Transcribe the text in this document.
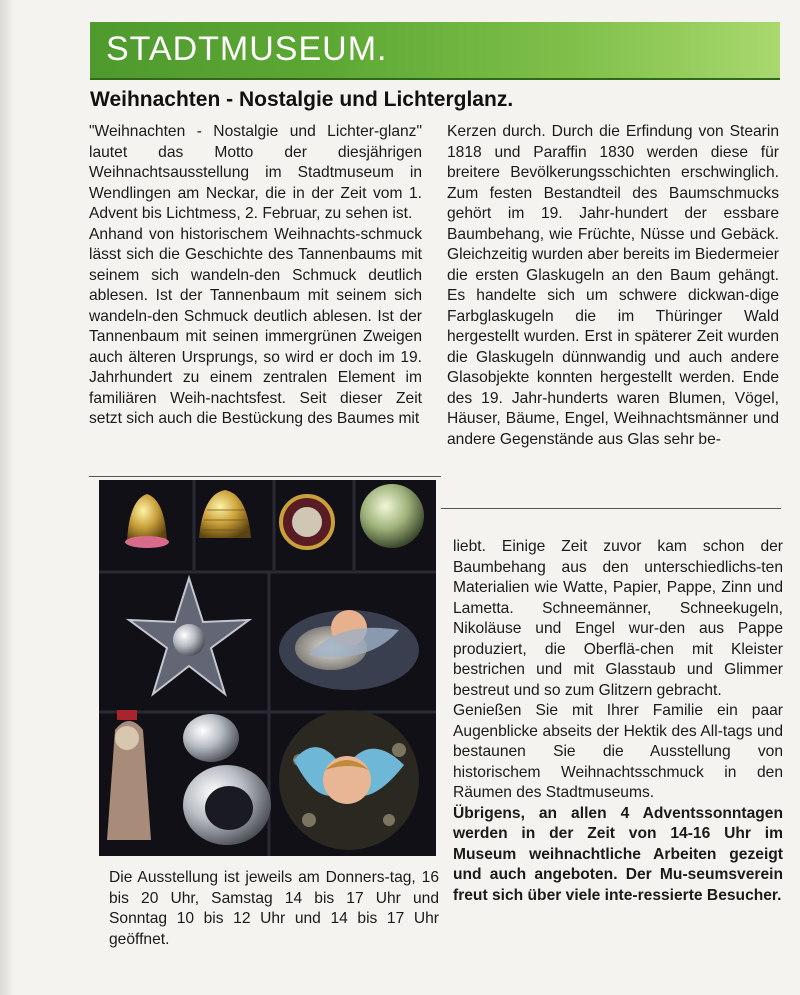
STADTMUSEUM.
Weihnachten - Nostalgie und Lichterglanz.

"Weihnachten - Nostalgie und Lichter-glanz" lautet das Motto der diesjährigen Weihnachtsausstellung im Stadtmuseum in Wendlingen am Neckar, die in der Zeit vom 1. Advent bis Lichtmess, 2. Februar, zu sehen ist.

Anhand von historischem Weihnachts-schmuck lässt sich die Geschichte des Tannenbaums mit seinem sich wandeln-den Schmuck deutlich ablesen. Ist der Tannenbaum mit seinem sich wandeln-den Schmuck deutlich ablesen. Ist der Tannenbaum mit seinen immergrünen Zweigen auch älteren Ursprungs, so wird er doch im 19. Jahrhundert zu einem zentralen Element im familiären Weih-nachtsfest. Seit dieser Zeit setzt sich auch die Bestückung des Baumes mit

Kerzen durch. Durch die Erfindung von Stearin 1818 und Paraffin 1830 werden diese für breitere Bevölkerungsschichten erschwinglich. Zum festen Bestandteil des Baumschmucks gehört im 19. Jahr-hundert der essbare Baumbehang, wie Früchte, Nüsse und Gebäck. Gleichzeitig wurden aber bereits im Biedermeier die ersten Glaskugeln an den Baum gehängt. Es handelte sich um schwere dickwan-dige Farbglaskugeln die im Thüringer Wald hergestellt wurden. Erst in späterer Zeit wurden die Glaskugeln dünnwandig und auch andere Glasobjekte konnten hergestellt werden. Ende des 19. Jahr-hunderts waren Blumen, Vögel, Häuser, Bäume, Engel, Weihnachtsmänner und andere Gegenstände aus Glas sehr be-

Die Ausstellung ist jeweils am Donners-tag, 16 bis 20 Uhr, Samstag 14 bis 17 Uhr und Sonntag 10 bis 12 Uhr und 14 bis 17 Uhr geöffnet.

liebt. Einige Zeit zuvor kam schon der Baumbehang aus den unterschiedlichs-ten Materialien wie Watte, Papier, Pappe, Zinn und Lametta. Schneemänner, Schneekugeln, Nikoläuse und Engel wur-den aus Pappe produziert, die Oberflä-chen mit Kleister bestrichen und mit Glasstaub und Glimmer bestreut und so zum Glitzern gebracht.

Genießen Sie mit Ihrer Familie ein paar Augenblicke abseits der Hektik des All-tags und bestaunen Sie die Ausstellung von historischem Weihnachtsschmuck in den Räumen des Stadtmuseums.

Übrigens, an allen 4 Adventssonntagen werden in der Zeit von 14-16 Uhr im Museum weihnachtliche Arbeiten gezeigt und auch angeboten. Der Mu-seumsverein freut sich über viele inte-ressierte Besucher.
